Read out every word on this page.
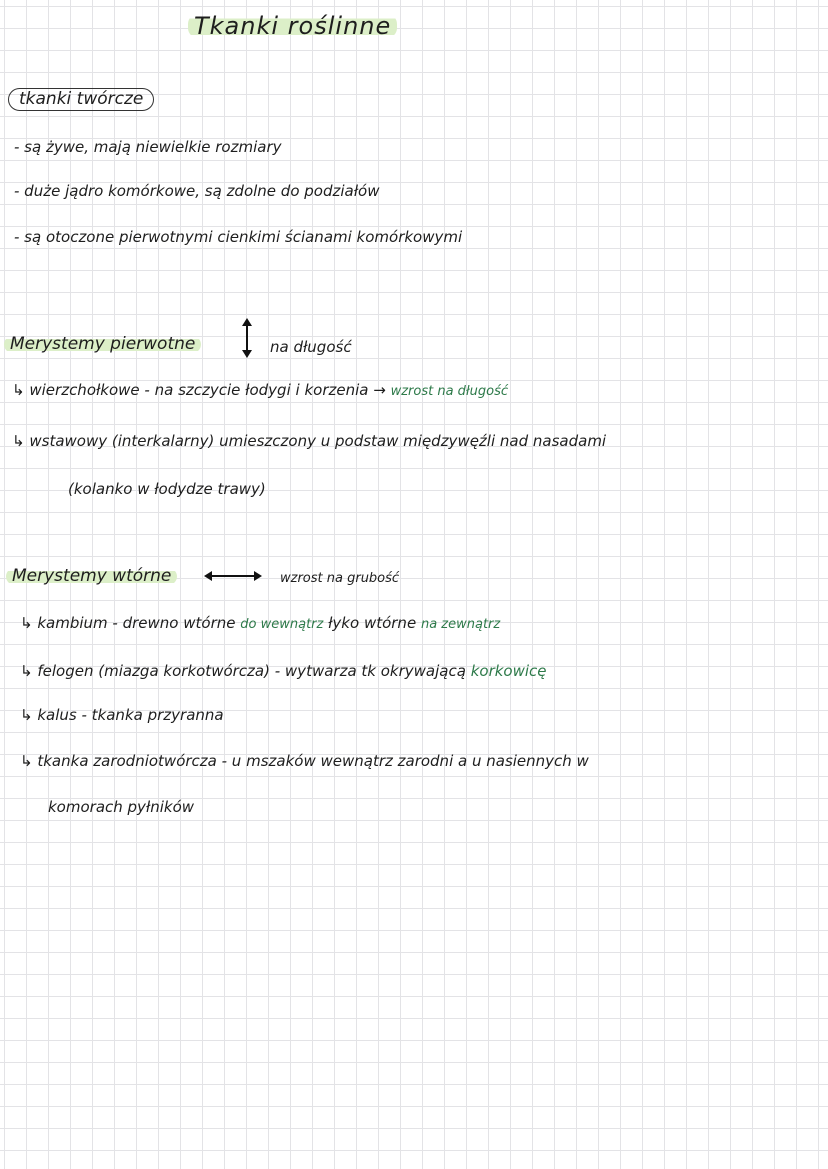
Tkanki roślinne
tkanki twórcze
- są żywe, mają niewielkie rozmiary
- duże jądro komórkowe, są zdolne do podziałów
- są otoczone pierwotnymi cienkimi ścianami komórkowymi
Merystemy pierwotne	na długość
↳ wierzchołkowe - na szczycie łodygi i korzenia → wzrost na długość
↳ wstawowy (interkalarny) umieszczony u podstaw międzywęźli nad nasadami
(kolanko w łodydze trawy)
Merystemy wtórne	wzrost na grubość
↳ kambium - drewno wtórne do wewnątrz łyko wtórne na zewnątrz
↳ felogen (miazga korkotwórcza) - wytwarza tk okrywającą korkowicę
↳ kalus - tkanka przyranna
↳ tkanka zarodniotwórcza - u mszaków wewnątrz zarodni a u nasiennych w
komorach pyłników
